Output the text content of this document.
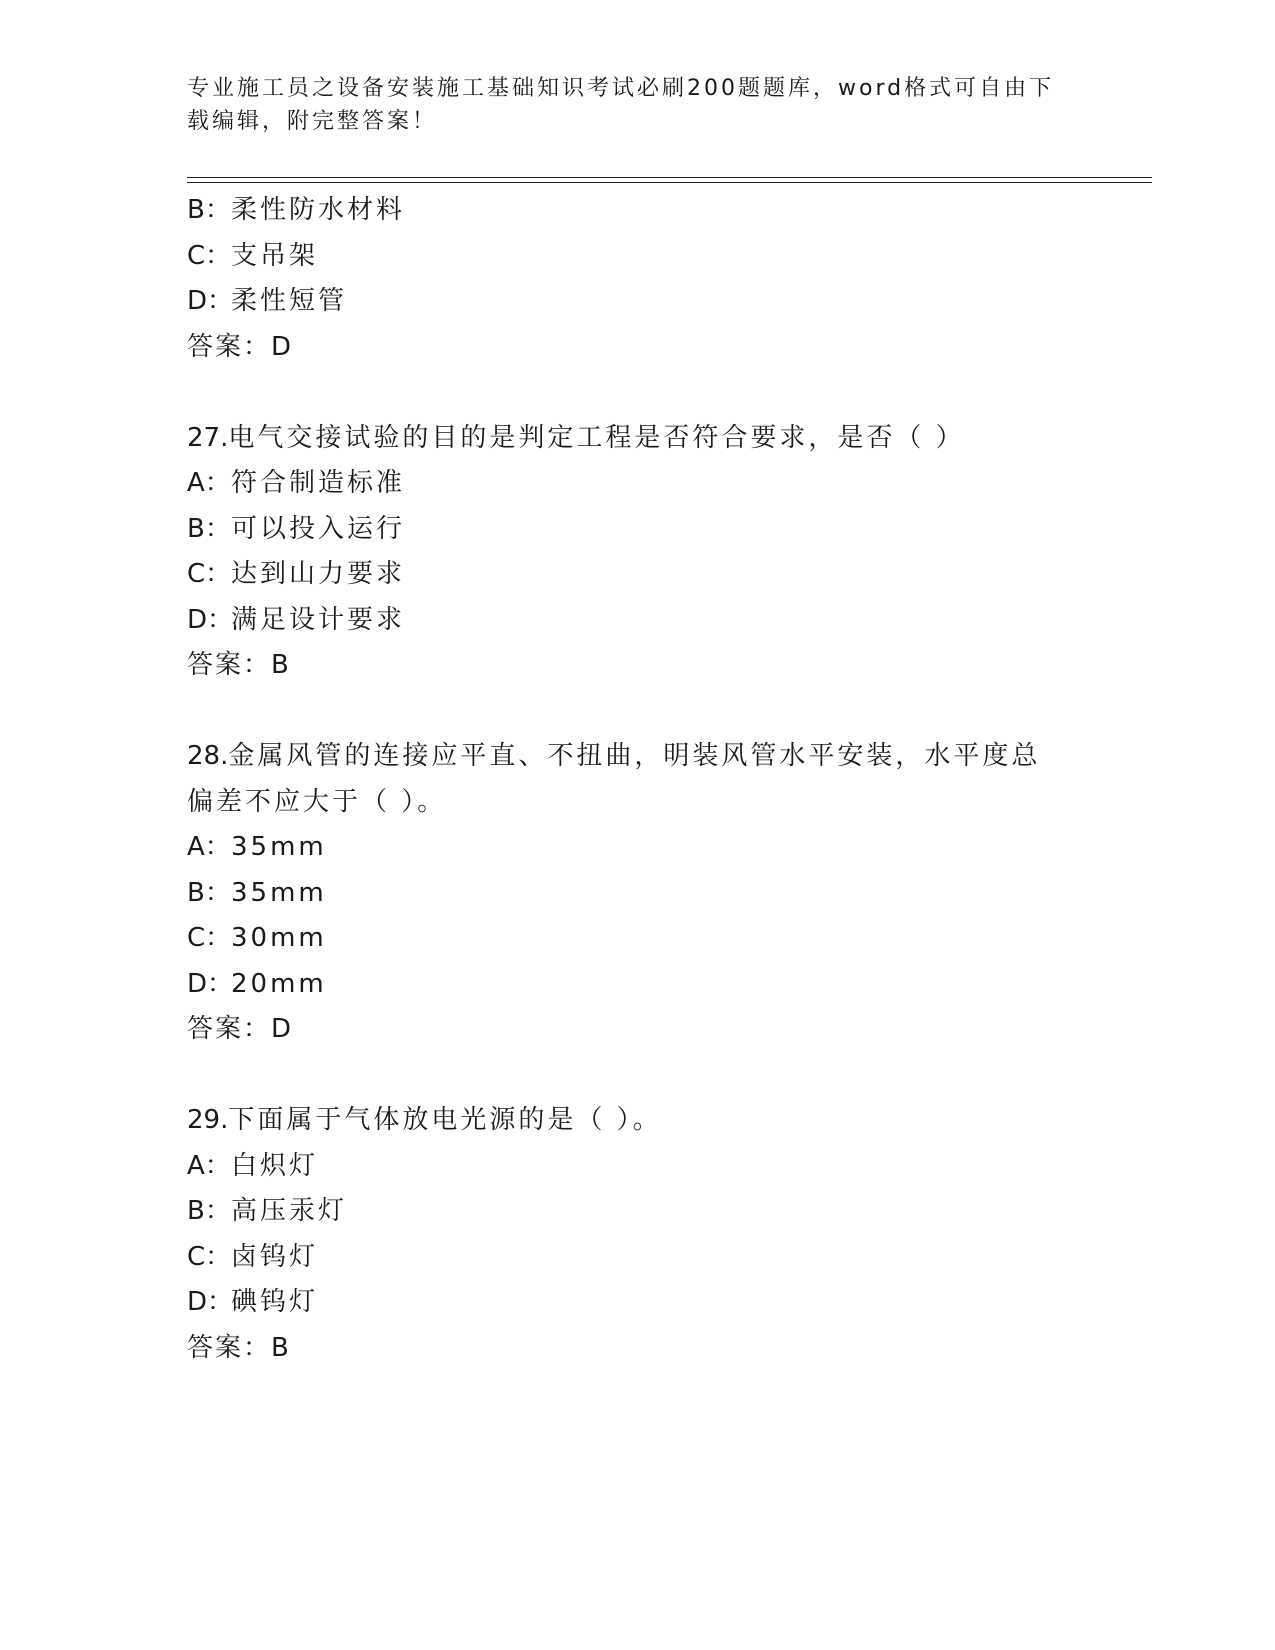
专业施工员之设备安装施工基础知识考试必刷200题题库，word格式可自由下载编辑，附完整答案！
B：柔性防水材料
C：支吊架
D：柔性短管
答案：D
27.电气交接试验的目的是判定工程是否符合要求，是否（ ）
A：符合制造标准
B：可以投入运行
C：达到山力要求
D：满足设计要求
答案：B
28.金属风管的连接应平直、不扭曲，明装风管水平安装，水平度总偏差不应大于（ ）。
A：35mm
B：35mm
C：30mm
D：20mm
答案：D
29.下面属于气体放电光源的是（ ）。
A：白炽灯
B：高压汞灯
C：卤钨灯
D：碘钨灯
答案：B
